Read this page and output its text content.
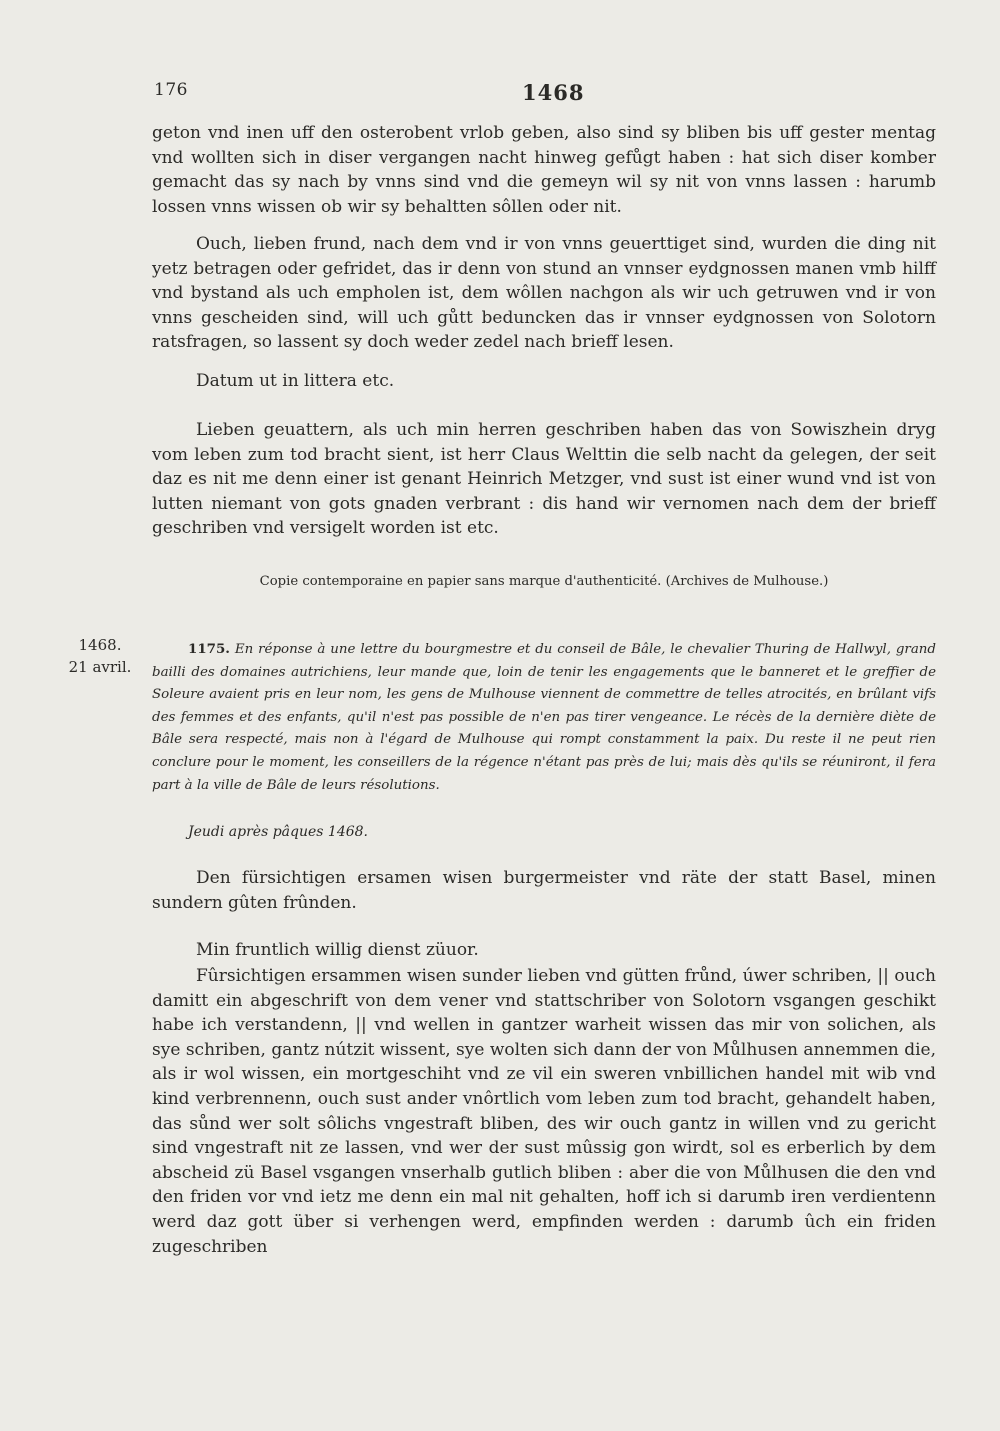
176	1468

geton vnd inen uff den osterobent vrlob geben, also sind sy bliben bis uff gester mentag vnd wollten sich in diser vergangen nacht hinweg gefůgt haben : hat sich diser komber gemacht das sy nach by vnns sind vnd die gemeyn wil sy nit von vnns lassen : harumb lossen vnns wissen ob wir sy behaltten sôllen oder nit.

Ouch, lieben frund, nach dem vnd ir von vnns geuerttiget sind, wurden die ding nit yetz betragen oder gefridet, das ir denn von stund an vnnser eydgnossen manen vmb hilff vnd bystand als uch empholen ist, dem wôllen nachgon als wir uch getruwen vnd ir von vnns gescheiden sind, will uch gůtt beduncken das ir vnnser eydgnossen von Solotorn ratsfragen, so lassent sy doch weder zedel nach brieff lesen.

Datum ut in littera etc.

Lieben geuattern, als uch min herren geschriben haben das von Sowiszhein dryg vom leben zum tod bracht sient, ist herr Claus Welttin die selb nacht da gelegen, der seit daz es nit me denn einer ist genant Heinrich Metzger, vnd sust ist einer wund vnd ist von lutten niemant von gots gnaden verbrant : dis hand wir vernomen nach dem der brieff geschriben vnd versigelt worden ist etc.

Copie contemporaine en papier sans marque d'authenticité. (Archives de Mulhouse.)

1468.
21 avril.

1175. En réponse à une lettre du bourgmestre et du conseil de Bâle, le chevalier Thuring de Hallwyl, grand bailli des domaines autrichiens, leur mande que, loin de tenir les engagements que le banneret et le greffier de Soleure avaient pris en leur nom, les gens de Mulhouse viennent de commettre de telles atrocités, en brûlant vifs des femmes et des enfants, qu'il n'est pas possible de n'en pas tirer vengeance. Le récès de la dernière diète de Bâle sera respecté, mais non à l'égard de Mulhouse qui rompt constamment la paix. Du reste il ne peut rien conclure pour le moment, les conseillers de la régence n'étant pas près de lui; mais dès qu'ils se réuniront, il fera part à la ville de Bâle de leurs résolutions.

Jeudi après pâques 1468.

Den fürsichtigen ersamen wisen burgermeister vnd räte der statt Basel, minen sundern gûten frûnden.

Min fruntlich willig dienst züuor.

Fûrsichtigen ersammen wisen sunder lieben vnd gütten frůnd, úwer schriben, || ouch damitt ein abgeschrift von dem vener vnd stattschriber von Solotorn vsgangen geschikt habe ich verstandenn, || vnd wellen in gantzer warheit wissen das mir von solichen, als sye schriben, gantz nútzit wissent, sye wolten sich dann der von Můlhusen annemmen die, als ir wol wissen, ein mortgeschiht vnd ze vil ein sweren vnbillichen handel mit wib vnd kind verbrennenn, ouch sust ander vnôrtlich vom leben zum tod bracht, gehandelt haben, das sůnd wer solt sôlichs vngestraft bliben, des wir ouch gantz in willen vnd zu gericht sind vngestraft nit ze lassen, vnd wer der sust mûssig gon wirdt, sol es erberlich by dem abscheid zü Basel vsgangen vnserhalb gutlich bliben : aber die von Můlhusen die den vnd den friden vor vnd ietz me denn ein mal nit gehalten, hoff ich si darumb iren verdientenn werd daz gott über si verhengen werd, empfinden werden : darumb ûch ein friden zugeschriben
